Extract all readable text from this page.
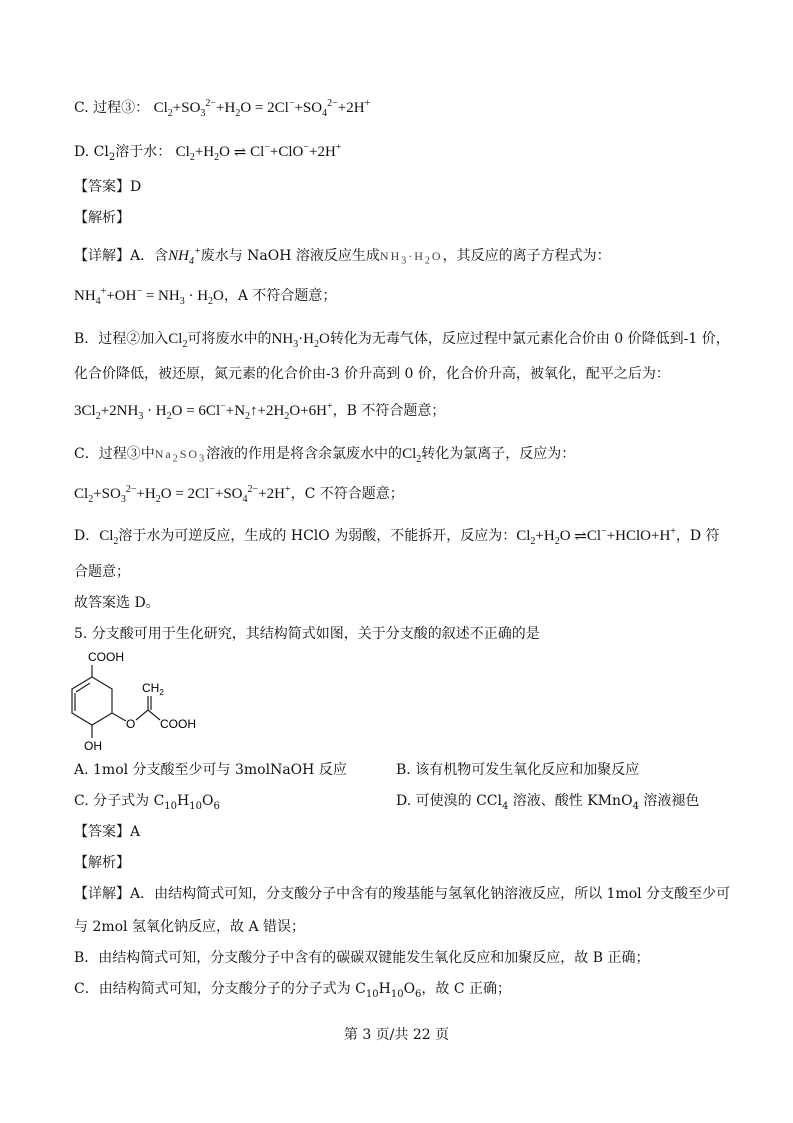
C. 过程③： $Cl_2+SO_3^{2-}+H_2O = 2Cl^-+SO_4^{2-}+2H^+$
D. $Cl_2$溶于水： $Cl_2+H_2O$ ⇌ Cl−+ClO−+2H+
【答案】D
【解析】
【详解】A．含$NH_4^+$废水与 NaOH 溶液反应生成$NH_3\cdot H_2O$，其反应的离子方程式为：
$NH_4^++OH^- = NH_3 \cdot H_2O$，A 不符合题意；
B．过程②加入$Cl_2$可将废水中的$NH_3\cdot H_2O$转化为无毒气体，反应过程中氯元素化合价由 0 价降低到-1 价，
化合价降低，被还原，氮元素的化合价由-3 价升高到 0 价，化合价升高，被氧化，配平之后为：
$3Cl_2+2NH_3 \cdot H_2O$ = $6Cl^-+N_2↑+2H_2O+6H^+$，B 不符合题意；
C．过程③中$Na_2SO_3$溶液的作用是将含余氯废水中的$Cl_2$转化为氯离子，反应为：
$Cl_2+SO_3^{2-}+H_2O = 2Cl^-+SO_4^{2-}+2H^+$，C 不符合题意；
D．$Cl_2$溶于水为可逆反应，生成的 HClO 为弱酸，不能拆开，反应为：$Cl_2+H_2O$ ⇌Cl−+HClO+H+，D 符
合题意；
故答案选 D。
5. 分支酸可用于生化研究，其结构简式如图，关于分支酸的叙述不正确的是
COOH
OH
O
$CH_2$
COOH
A. 1mol 分支酸至少可与 3molNaOH 反应	B. 该有机物可发生氧化反应和加聚反应
C. 分子式为 $C_{10}H_{10}O_6$	D. 可使溴的 CCl$_4$ 溶液、酸性 KMnO$_4$ 溶液褪色
【答案】A
【解析】
【详解】A．由结构简式可知，分支酸分子中含有的羧基能与氢氧化钠溶液反应，所以 1mol 分支酸至少可
与 2mol 氢氧化钠反应，故 A 错误；
B．由结构简式可知，分支酸分子中含有的碳碳双键能发生氧化反应和加聚反应，故 B 正确；
C．由结构简式可知，分支酸分子的分子式为 $C_{10}H_{10}O_6$，故 C 正确；
第 3 页/共 22 页
